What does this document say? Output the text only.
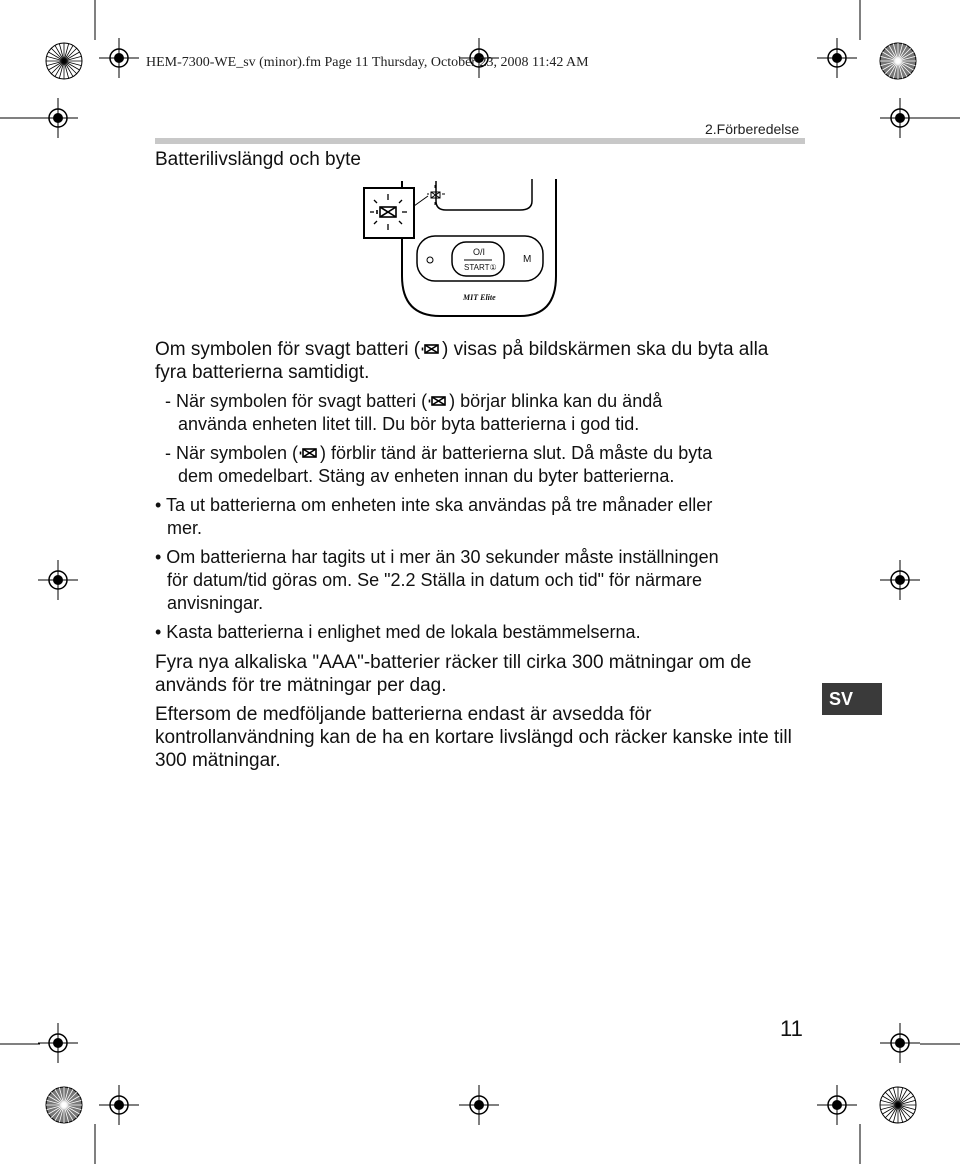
HEM-7300-WE_sv (minor).fm Page 11 Thursday, October 23, 2008 11:42 AM
2.Förberedelse
Batterilivslängd och byte
O/I
START①
M
MIT Elite
Om symbolen för svagt batteri ( ) visas på bildskärmen ska du byta alla fyra batterierna samtidigt.
- När symbolen för svagt batteri ( ) börjar blinka kan du ändå
använda enheten litet till. Du bör byta batterierna i god tid.
- När symbolen ( ) förblir tänd är batterierna slut. Då måste du byta
dem omedelbart. Stäng av enheten innan du byter batterierna.
• Ta ut batterierna om enheten inte ska användas på tre månader eller
mer.
• Om batterierna har tagits ut i mer än 30 sekunder måste inställningen
för datum/tid göras om. Se "2.2 Ställa in datum och tid" för närmare
anvisningar.
• Kasta batterierna i enlighet med de lokala bestämmelserna.
Fyra nya alkaliska "AAA"-batterier räcker till cirka 300 mätningar om de används för tre mätningar per dag.
Eftersom de medföljande batterierna endast är avsedda för kontrollanvändning kan de ha en kortare livslängd och räcker kanske inte till 300 mätningar.
SV
11
